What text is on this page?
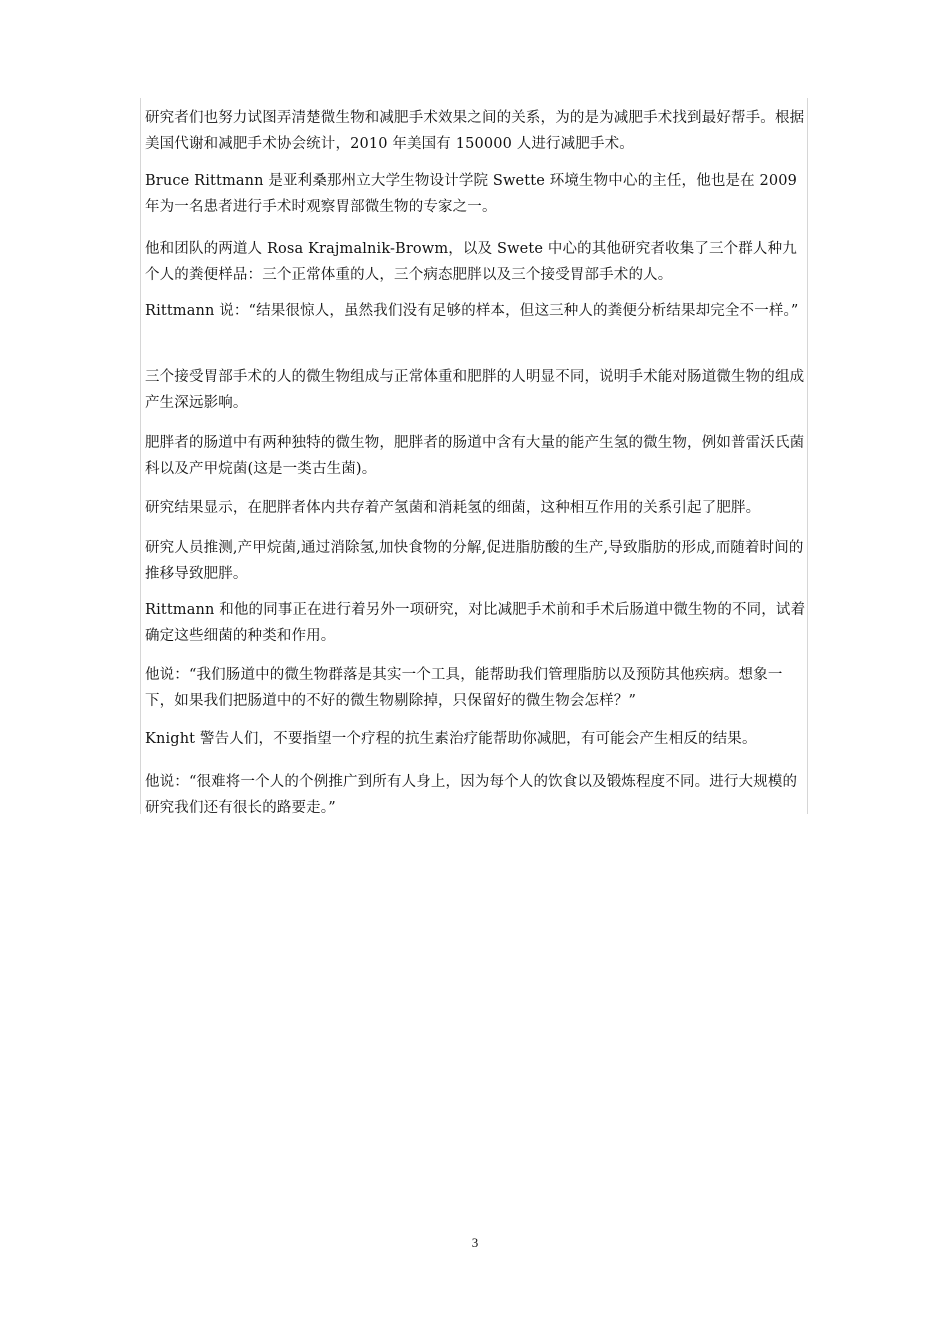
研究者们也努力试图弄清楚微生物和减肥手术效果之间的关系，为的是为减肥手术找到最好帮手。根据美国代谢和减肥手术协会统计，2010 年美国有 150000 人进行减肥手术。

Bruce Rittmann 是亚利桑那州立大学生物设计学院 Swette 环境生物中心的主任，他也是在 2009 年为一名患者进行手术时观察胃部微生物的专家之一。

他和团队的两道人 Rosa Krajmalnik-Browm，以及 Swete 中心的其他研究者收集了三个群人种九个人的粪便样品：三个正常体重的人，三个病态肥胖以及三个接受胃部手术的人。

Rittmann 说：“结果很惊人，虽然我们没有足够的样本，但这三种人的粪便分析结果却完全不一样。”

三个接受胃部手术的人的微生物组成与正常体重和肥胖的人明显不同，说明手术能对肠道微生物的组成产生深远影响。

肥胖者的肠道中有两种独特的微生物，肥胖者的肠道中含有大量的能产生氢的微生物，例如普雷沃氏菌科以及产甲烷菌(这是一类古生菌)。

研究结果显示，在肥胖者体内共存着产氢菌和消耗氢的细菌，这种相互作用的关系引起了肥胖。

研究人员推测,产甲烷菌,通过消除氢,加快食物的分解,促进脂肪酸的生产,导致脂肪的形成,而随着时间的推移导致肥胖。

Rittmann 和他的同事正在进行着另外一项研究，对比减肥手术前和手术后肠道中微生物的不同，试着确定这些细菌的种类和作用。

他说：“我们肠道中的微生物群落是其实一个工具，能帮助我们管理脂肪以及预防其他疾病。想象一下，如果我们把肠道中的不好的微生物剔除掉，只保留好的微生物会怎样？”

Knight 警告人们，不要指望一个疗程的抗生素治疗能帮助你减肥，有可能会产生相反的结果。

他说：“很难将一个人的个例推广到所有人身上，因为每个人的饮食以及锻炼程度不同。进行大规模的研究我们还有很长的路要走。”

3
